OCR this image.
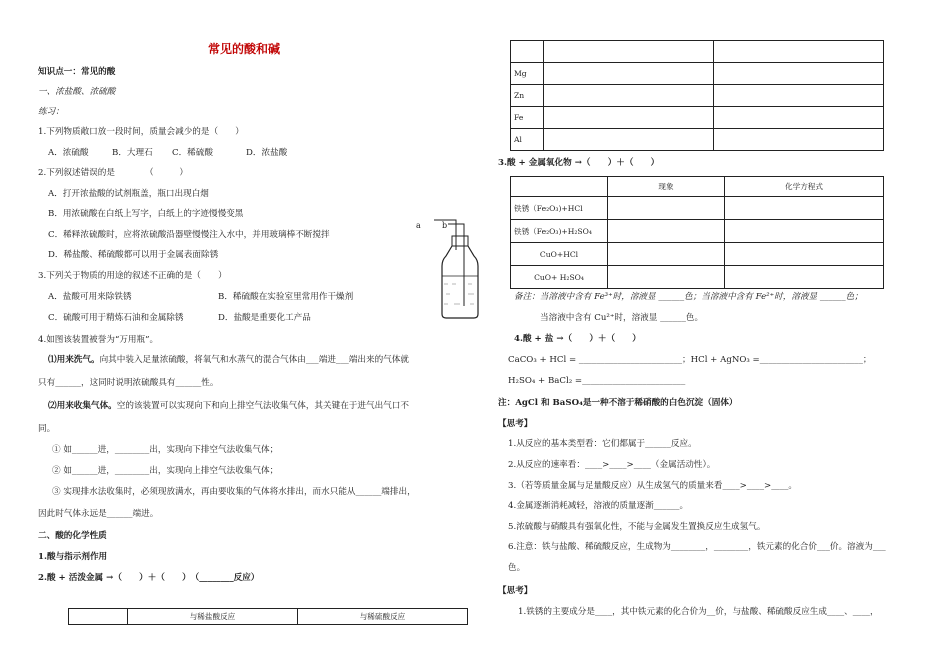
常见的酸和碱
知识点一：常见的酸
一、浓盐酸、浓硫酸
练习：
1.下列物质敞口放一段时间，质量会减少的是（　　）
A．浓硫酸	B．大理石 C．稀硫酸	D．浓盐酸
2.下列叙述错误的是　　　　（　　　）
A．打开浓盐酸的试剂瓶盖，瓶口出现白烟
B．用浓硫酸在白纸上写字，白纸上的字迹慢慢变黑
C．稀释浓硫酸时，应将浓硫酸沿器壁慢慢注入水中，并用玻璃棒不断搅拌
D．稀盐酸、稀硫酸都可以用于金属表面除锈
3.下列关于物质的用途的叙述不正确的是（　　）
A．盐酸可用来除铁锈	B．稀硫酸在实验室里常用作干燥剂
C．硫酸可用于精炼石油和金属除锈	D．盐酸是重要化工产品
4.如图该装置被誉为“万用瓶”。
⑴用来洗气。向其中装入足量浓硫酸，将氧气和水蒸气的混合气体由___端进___端出来的气体就
只有______，这同时说明浓硫酸具有______性。
⑵用来收集气体。空的该装置可以实现向下和向上排空气法收集气体，其关键在于进气出气口不
同。
① 如______进，________出，实现向下排空气法收集气体；
② 如______进，________出，实现向上排空气法收集气体；
③ 实现排水法收集时，必须现放满水，再由要收集的气体将水排出，而水只能从______端排出，
因此时气体永远是______端进。
二、酸的化学性质
1.酸与指示剂作用
2.酸 + 活泼金属 →（　　）＋（　　）　（________反应）
	与稀盐酸反应	与稀硫酸反应
a	b

Mg		
Zn		
Fe		
Al		
3.酸 + 金属氧化物 →（　　）＋（　　）
	现象	化学方程式
铁锈（Fe₂O₃)+HCl		
铁锈（Fe₂O₃)+H₂SO₄		
CuO+HCl		
CuO+ H₂SO₄		
备注：当溶液中含有 Fe³⁺时，溶液显 ______色；当溶液中含有 Fe²⁺时，溶液显 ______色；
当溶液中含有 Cu²⁺时，溶液显 ______色。
4.酸 + 盐 →（　　）＋（　　）
CaCO₃ + HCl = ________________________；HCl + AgNO₃ =________________________；
H₂SO₄ + BaCl₂ =________________________
注：AgCl 和 BaSO₄是一种不溶于稀硝酸的白色沉淀（固体）
【思考】
1.从反应的基本类型看：它们都属于______反应。
2.从反应的速率看：____>____>____（金属活动性）。
3.（若等质量金属与足量酸反应）从生成氢气的质量来看____>____>____。
4.金属逐渐消耗减轻，溶液的质量逐渐______。
5.浓硫酸与硝酸具有强氧化性，不能与金属发生置换反应生成氢气。
6.注意：铁与盐酸、稀硫酸反应，生成物为________，________，铁元素的化合价___价。溶液为___
色。
【思考】
1.铁锈的主要成分是____，其中铁元素的化合价为__价，与盐酸、稀硫酸反应生成____、____，
